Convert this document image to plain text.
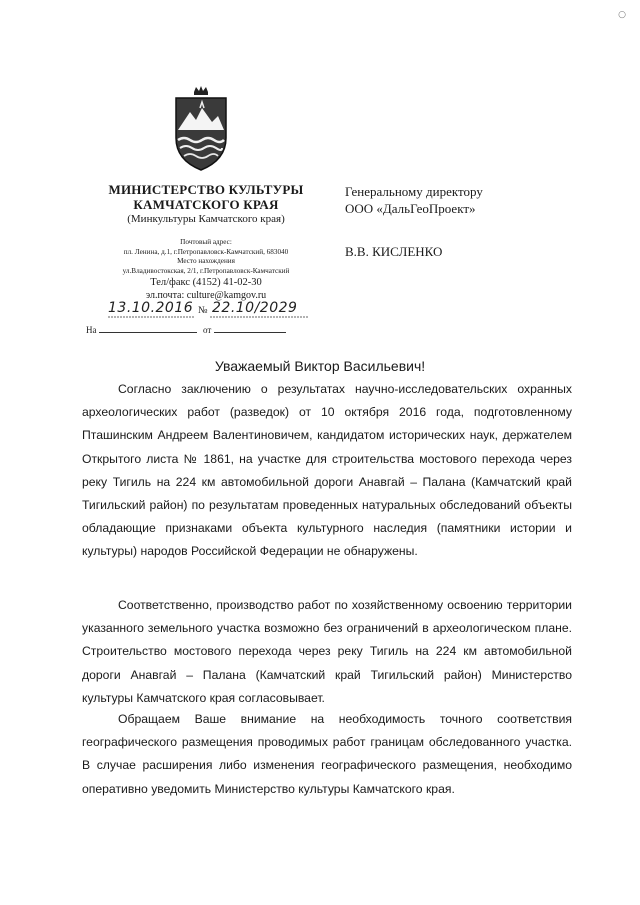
○
МИНИСТЕРСТВО КУЛЬТУРЫ
КАМЧАТСКОГО КРАЯ
(Минкультуры Камчатского края)
Почтовый адрес:
пл. Ленина, д.1, г.Петропавловск-Камчатский, 683040
Место нахождения
ул.Владивостокская, 2/1, г.Петропавловск-Камчатский
Тел/факс (4152) 41-02-30
эл.почта: culture@kamgov.ru
13.10.2016 № 22.10/2029
На	от
Генеральному директору
ООО «ДальГеоПроект»
В.В. КИСЛЕНКО
Уважаемый Виктор Васильевич!

Согласно заключению о результатах научно-исследовательских охранных археологических работ (разведок) от 10 октября 2016 года, подготовленному Пташинским Андреем Валентиновичем, кандидатом исторических наук, держателем Открытого листа № 1861, на участке для строительства мостового перехода через реку Тигиль на 224 км автомобильной дороги Анавгай – Палана (Камчатский край Тигильский район) по результатам проведенных натуральных обследований объекты обладающие признаками объекта культурного наследия (памятники истории и культуры) народов Российской Федерации не обнаружены.

Соответственно, производство работ по хозяйственному освоению территории указанного земельного участка возможно без ограничений в археологическом плане. Строительство мостового перехода через реку Тигиль на 224 км автомобильной дороги Анавгай – Палана (Камчатский край Тигильский район) Министерство культуры Камчатского края согласовывает.

Обращаем Ваше внимание на необходимость точного соответствия географического размещения проводимых работ границам обследованного участка. В случае расширения либо изменения географического размещения, необходимо оперативно уведомить Министерство культуры Камчатского края.
